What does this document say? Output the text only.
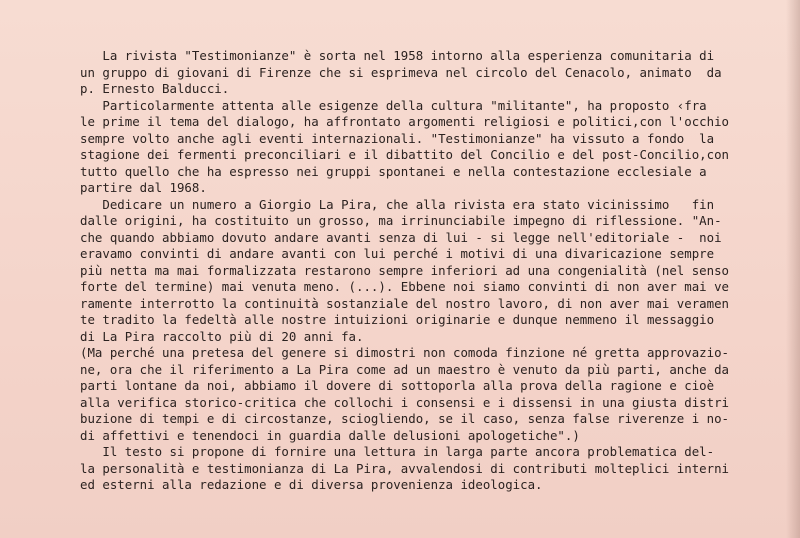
La rivista "Testimonianze" è sorta nel 1958 intorno alla esperienza comunitaria di
un gruppo di giovani di Firenze che si esprimeva nel circolo del Cenacolo, animato  da
p. Ernesto Balducci.
Particolarmente attenta alle esigenze della cultura "militante", ha proposto ‹fra
le prime il tema del dialogo, ha affrontato argomenti religiosi e politici,con l'occhio
sempre volto anche agli eventi internazionali. "Testimonianze" ha vissuto a fondo  la
stagione dei fermenti preconciliari e il dibattito del Concilio e del post-Concilio,con
tutto quello che ha espresso nei gruppi spontanei e nella contestazione ecclesiale a
partire dal 1968.
Dedicare un numero a Giorgio La Pira, che alla rivista era stato vicinissimo   fin
dalle origini, ha costituito un grosso, ma irrinunciabile impegno di riflessione. "An-
che quando abbiamo dovuto andare avanti senza di lui - si legge nell'editoriale -  noi
eravamo convinti di andare avanti con lui perché i motivi di una divaricazione sempre
più netta ma mai formalizzata restarono sempre inferiori ad una congenialità (nel senso
forte del termine) mai venuta meno. (...). Ebbene noi siamo convinti di non aver mai ve
ramente interrotto la continuità sostanziale del nostro lavoro, di non aver mai veramen
te tradito la fedeltà alle nostre intuizioni originarie e dunque nemmeno il messaggio
di La Pira raccolto più di 20 anni fa.
(Ma perché una pretesa del genere si dimostri non comoda finzione né gretta approvazio-
ne, ora che il riferimento a La Pira come ad un maestro è venuto da più parti, anche da
parti lontane da noi, abbiamo il dovere di sottoporla alla prova della ragione e cioè
alla verifica storico-critica che collochi i consensi e i dissensi in una giusta distri
buzione di tempi e di circostanze, sciogliendo, se il caso, senza false riverenze i no-
di affettivi e tenendoci in guardia dalle delusioni apologetiche".)
Il testo si propone di fornire una lettura in larga parte ancora problematica del-
la personalità e testimonianza di La Pira, avvalendosi di contributi molteplici interni
ed esterni alla redazione e di diversa provenienza ideologica.
